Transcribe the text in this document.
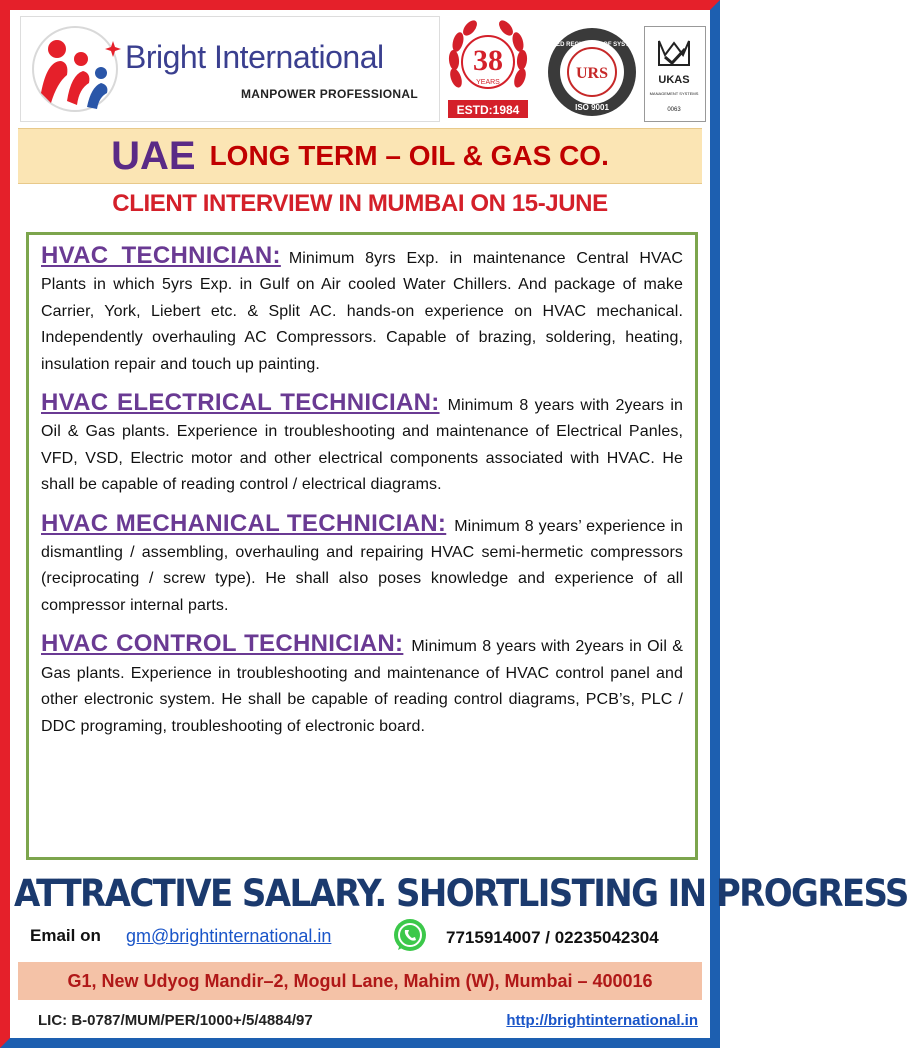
Bright International
MANPOWER PROFESSIONAL
38
YEARS
ESTD:1984
UNITED REGISTRAR OF SYSTEMS
URS
ISO 9001
UKAS
MANAGEMENT SYSTEMS
0063
UAE LONG TERM – OIL & GAS CO.
CLIENT INTERVIEW IN MUMBAI ON 15-JUNE

HVAC TECHNICIAN: Minimum 8yrs Exp. in maintenance Central HVAC Plants in which 5yrs Exp. in Gulf on Air cooled Water Chillers. And package of make Carrier, York, Liebert etc. & Split AC. hands-on experience on HVAC mechanical. Independently overhauling AC Compressors. Capable of brazing, soldering, heating, insulation repair and touch up painting.

HVAC ELECTRICAL TECHNICIAN: Minimum 8 years with 2years in Oil & Gas plants. Experience in troubleshooting and maintenance of Electrical Panles, VFD, VSD, Electric motor and other electrical components associated with HVAC. He shall be capable of reading control / electrical diagrams.

HVAC MECHANICAL TECHNICIAN: Minimum 8 years’ experience in dismantling / assembling, overhauling and repairing HVAC semi-hermetic compressors (reciprocating / screw type). He shall also poses knowledge and experience of all compressor internal parts.

HVAC CONTROL TECHNICIAN: Minimum 8 years with 2years in Oil & Gas plants. Experience in troubleshooting and maintenance of HVAC control panel and other electronic system. He shall be capable of reading control diagrams, PCB’s, PLC / DDC programing, troubleshooting of electronic board.

ATTRACTIVE SALARY. SHORTLISTING IN PROGRESS
Email on gm@brightinternational.in	7715914007 / 02235042304
G1, New Udyog Mandir–2, Mogul Lane, Mahim (W), Mumbai – 400016
LIC: B-0787/MUM/PER/1000+/5/4884/97	http://brightinternational.in
